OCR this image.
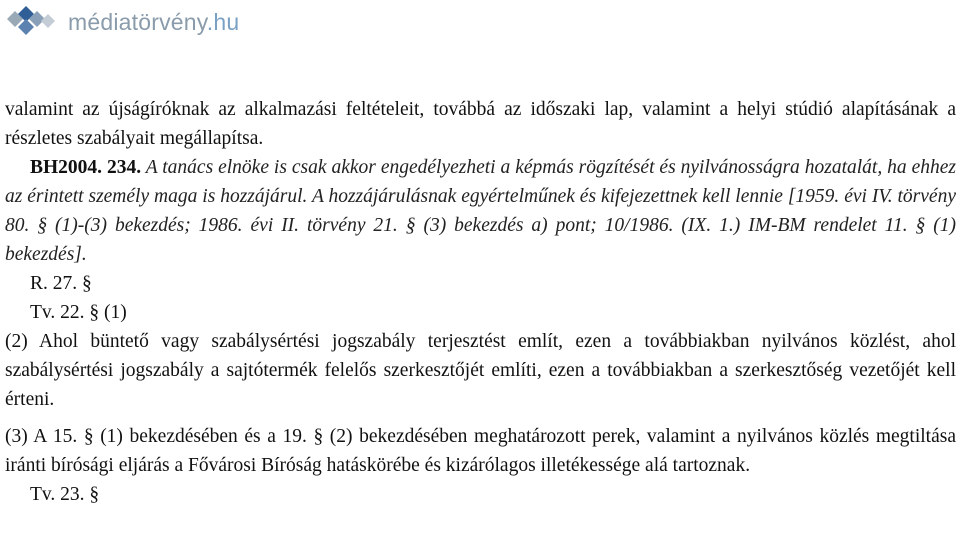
médiatörvény.hu

valamint az újságíróknak az alkalmazási feltételeit, továbbá az időszaki lap, valamint a helyi stúdió alapításának a részletes szabályait megállapítsa.

BH2004. 234. A tanács elnöke is csak akkor engedélyezheti a képmás rögzítését és nyilvánosságra hozatalát, ha ehhez az érintett személy maga is hozzájárul. A hozzájárulásnak egyértelműnek és kifejezettnek kell lennie [1959. évi IV. törvény 80. § (1)-(3) bekezdés; 1986. évi II. törvény 21. § (3) bekezdés a) pont; 10/1986. (IX. 1.) IM-BM rendelet 11. § (1) bekezdés].

R. 27. §

Tv. 22. § (1)

(2) Ahol büntető vagy szabálysértési jogszabály terjesztést említ, ezen a továbbiakban nyilvános közlést, ahol szabálysértési jogszabály a sajtótermék felelős szerkesztőjét említi, ezen a továbbiakban a szerkesztőség vezetőjét kell érteni.

(3) A 15. § (1) bekezdésében és a 19. § (2) bekezdésében meghatározott perek, valamint a nyilvános közlés megtiltása iránti bírósági eljárás a Fővárosi Bíróság hatáskörébe és kizárólagos illetékessége alá tartoznak.

Tv. 23. §
